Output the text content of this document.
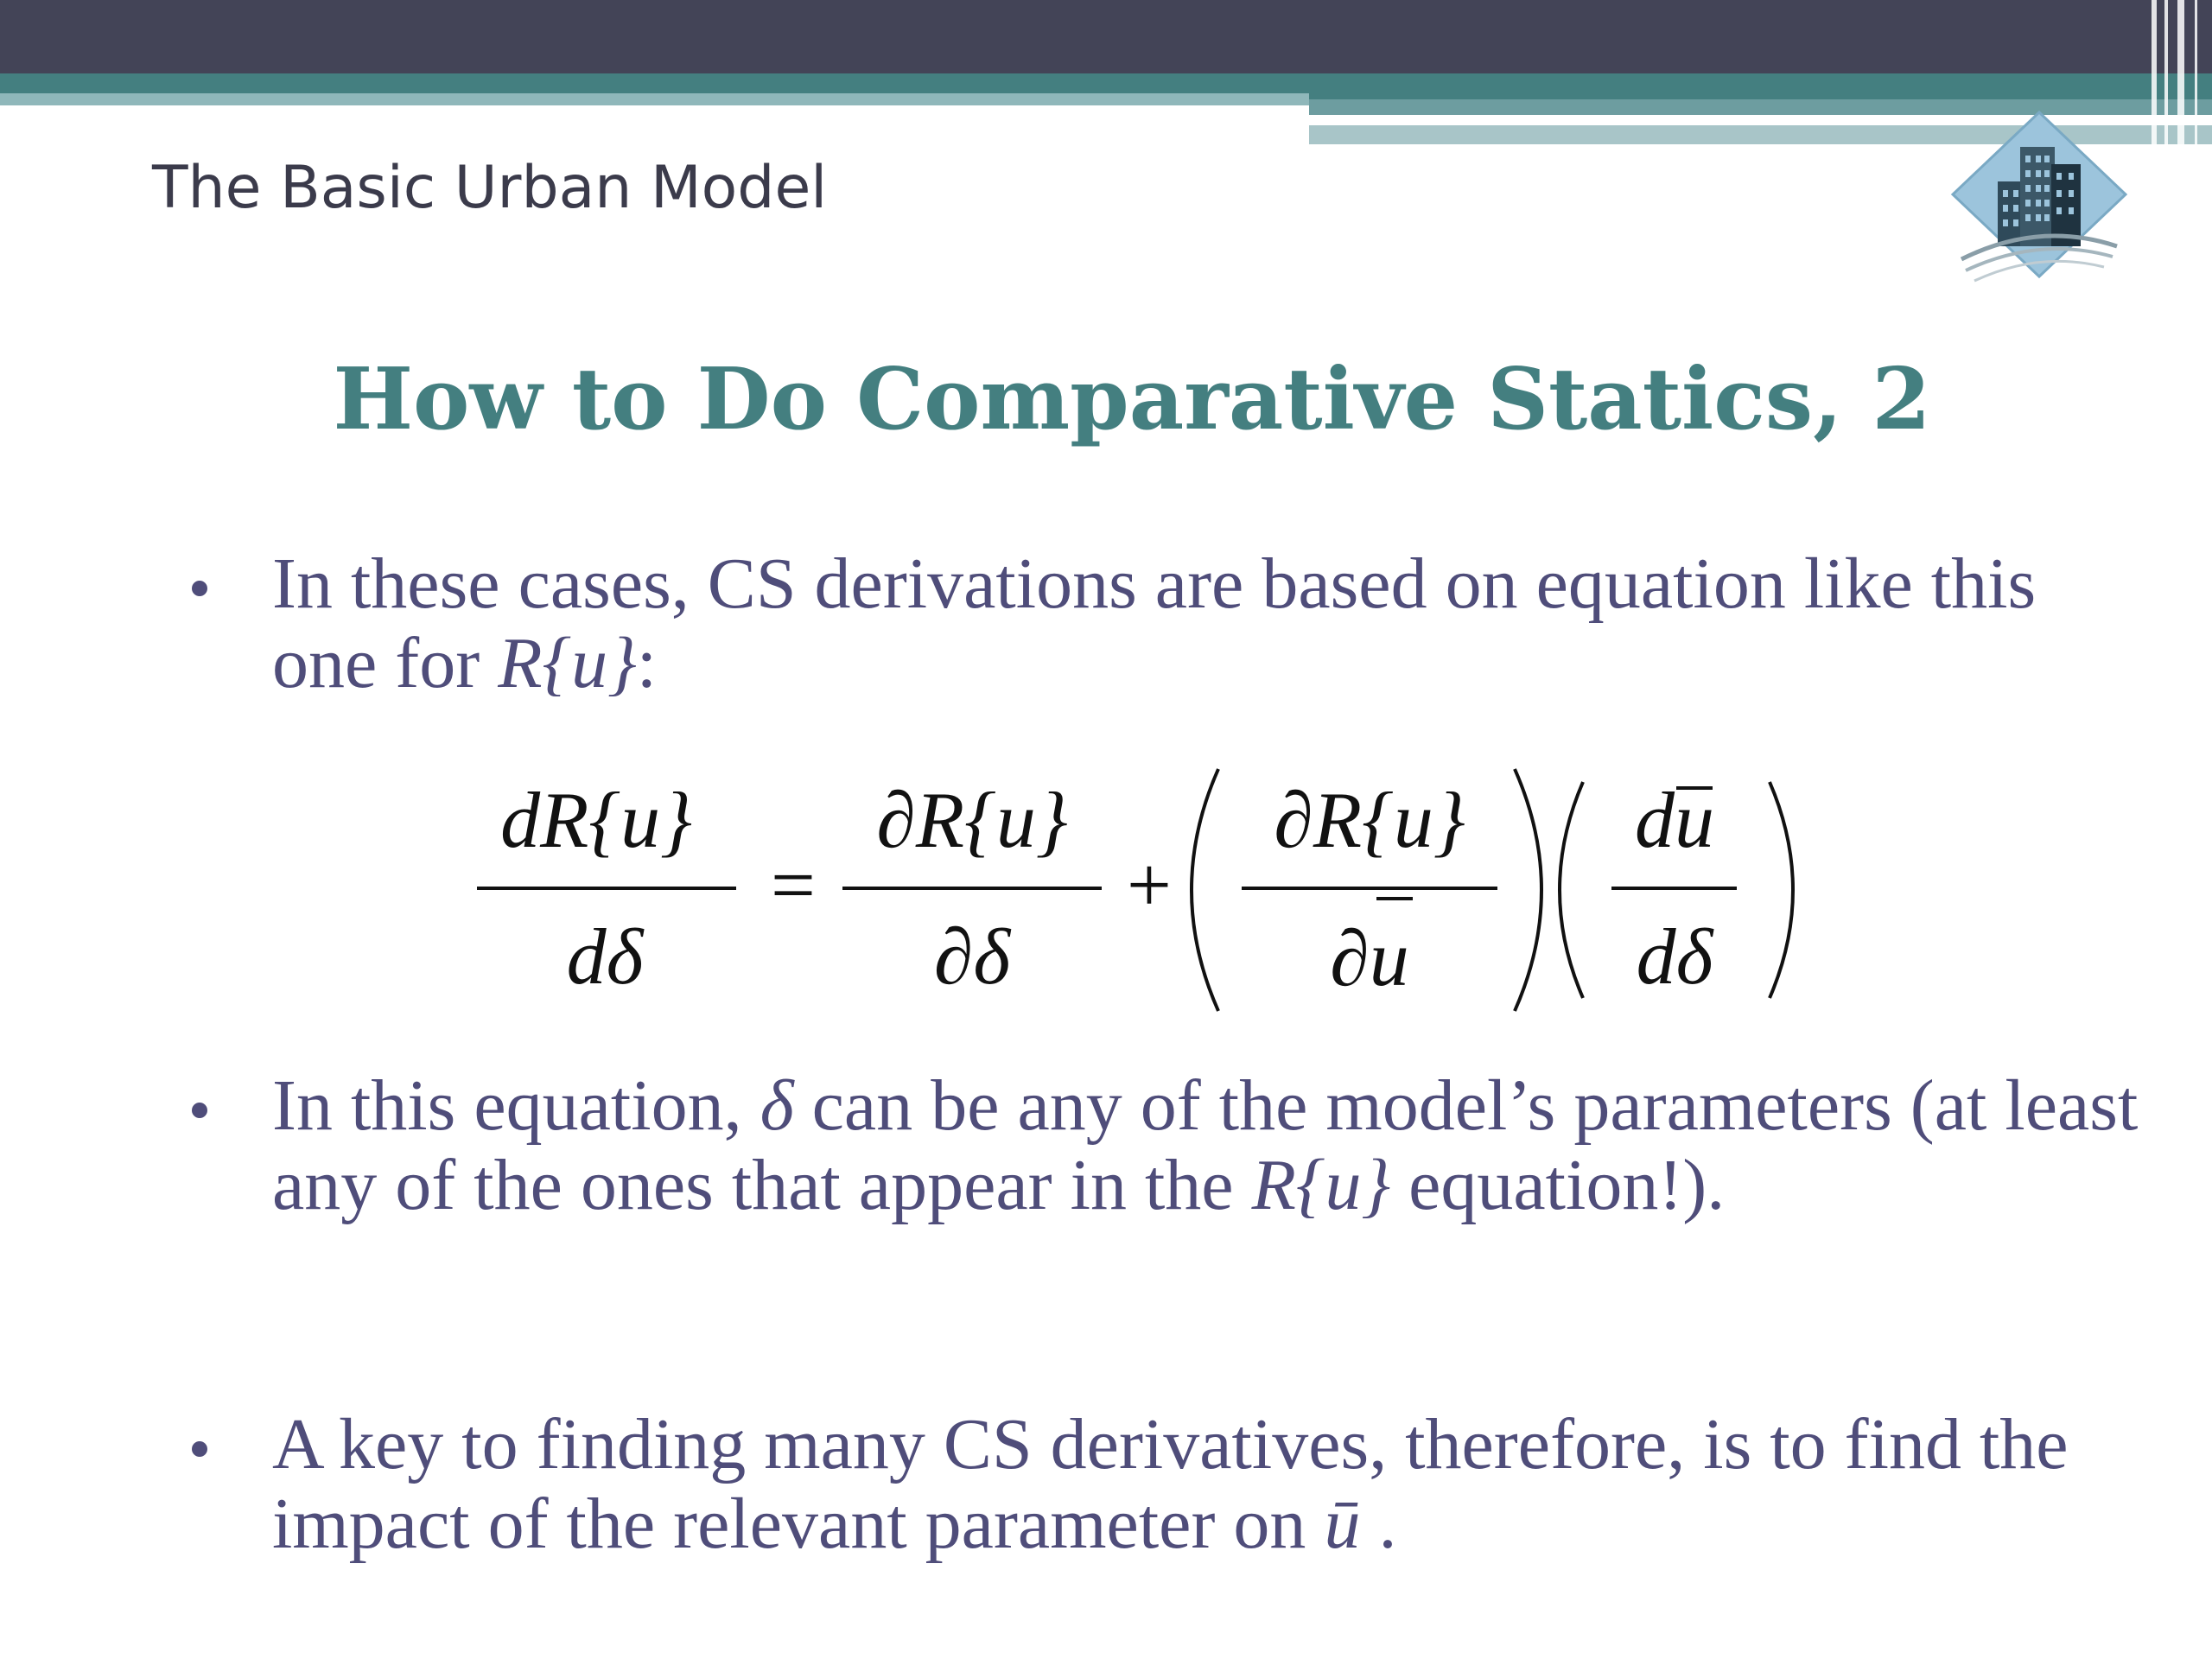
The Basic Urban Model
How to Do Comparative Statics, 2
In these cases, CS derivations are based on equation like this one for R{u}:
dR{u}
dδ
=
∂R{u}
∂δ
+
∂R{u}
∂u
du
dδ
In this equation, δ can be any of the model’s parameters (at least any of the ones that appear in the R{u} equation!).
A key to finding many CS derivatives, therefore, is to find the impact of the relevant parameter on ū .
